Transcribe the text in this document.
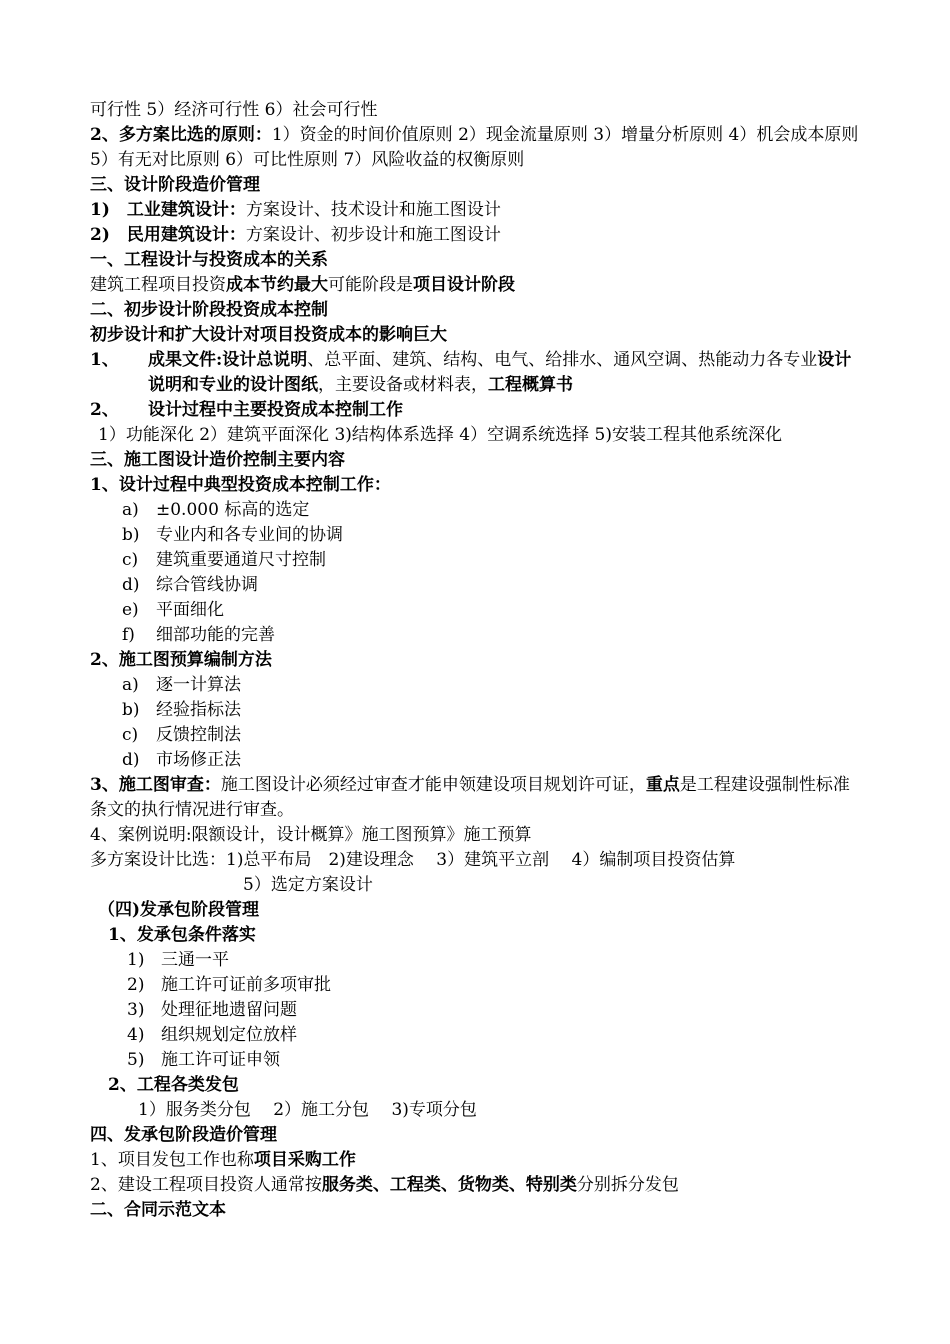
可行性 5）经济可行性 6）社会可行性
2、多方案比选的原则：1）资金的时间价值原则 2）现金流量原则 3）增量分析原则 4）机会成本原则 5）有无对比原则 6）可比性原则 7）风险收益的权衡原则
三、设计阶段造价管理
1)　工业建筑设计：方案设计、技术设计和施工图设计
2)　民用建筑设计：方案设计、初步设计和施工图设计
一、工程设计与投资成本的关系
建筑工程项目投资成本节约最大可能阶段是项目设计阶段
二、初步设计阶段投资成本控制
初步设计和扩大设计对项目投资成本的影响巨大
1、 成果文件:设计总说明、总平面、建筑、结构、电气、给排水、通风空调、热能动力各专业设计说明和专业的设计图纸，主要设备或材料表，工程概算书
2、 设计过程中主要投资成本控制工作
1）功能深化 2）建筑平面深化 3)结构体系选择 4）空调系统选择 5)安装工程其他系统深化
三、施工图设计造价控制主要内容
1、设计过程中典型投资成本控制工作：
a) ±0.000 标高的选定
b) 专业内和各专业间的协调
c) 建筑重要通道尺寸控制
d) 综合管线协调
e) 平面细化
f) 细部功能的完善
2、施工图预算编制方法
a) 逐一计算法
b) 经验指标法
c) 反馈控制法
d) 市场修正法
3、施工图审查：施工图设计必须经过审查才能申领建设项目规划许可证，重点是工程建设强制性标准条文的执行情况进行审查。
4、案例说明:限额设计，设计概算》施工图预算》施工预算
多方案设计比选：1)总平布局　2)建设理念　 3）建筑平立剖　 4）编制项目投资估算
5）选定方案设计
（四)发承包阶段管理
1、发承包条件落实
1) 三通一平
2) 施工许可证前多项审批
3) 处理征地遗留问题
4) 组织规划定位放样
5) 施工许可证申领
2、工程各类发包
1）服务类分包　 2）施工分包　 3)专项分包
四、发承包阶段造价管理
1、项目发包工作也称项目采购工作
2、建设工程项目投资人通常按服务类、工程类、货物类、特别类分别拆分发包
二、合同示范文本
